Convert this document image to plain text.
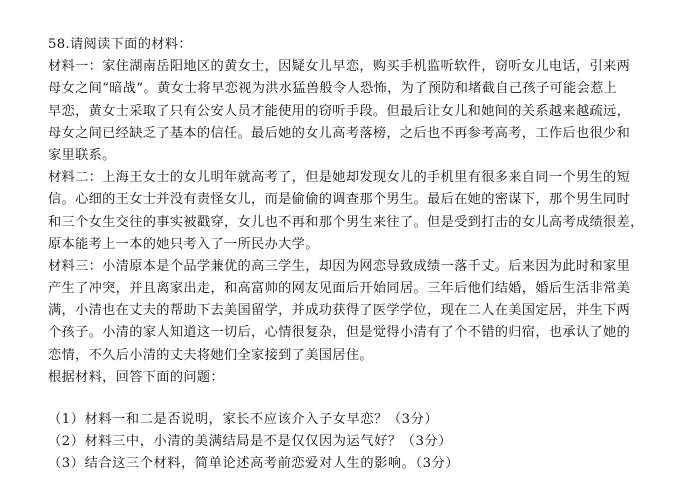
58.请阅读下面的材料：
材料一：家住湖南岳阳地区的黄女士，因疑女儿早恋，购买手机监听软件，窃听女儿电话，引来两
母女之间“暗战”。黄女士将早恋视为洪水猛兽般令人恐怖，为了预防和堵截自己孩子可能会惹上
早恋，黄女士采取了只有公安人员才能使用的窃听手段。但最后让女儿和她间的关系越来越疏远，
母女之间已经缺乏了基本的信任。最后她的女儿高考落榜，之后也不再参考高考，工作后也很少和
家里联系。
材料二：上海王女士的女儿明年就高考了，但是她却发现女儿的手机里有很多来自同一个男生的短
信。心细的王女士并没有责怪女儿，而是偷偷的调查那个男生。最后在她的密谋下，那个男生同时
和三个女生交往的事实被戳穿，女儿也不再和那个男生来往了。但是受到打击的女儿高考成绩很差，
原本能考上一本的她只考入了一所民办大学。
材料三：小清原本是个品学兼优的高三学生，却因为网恋导致成绩一落千丈。后来因为此时和家里
产生了冲突，并且离家出走，和高富帅的网友见面后开始同居。三年后他们结婚，婚后生活非常美
满，小清也在丈夫的帮助下去美国留学，并成功获得了医学学位，现在二人在美国定居，并生下两
个孩子。小清的家人知道这一切后，心情很复杂，但是觉得小清有了个不错的归宿，也承认了她的
恋情，不久后小清的丈夫将她们全家接到了美国居住。
根据材料，回答下面的问题：
（1）材料一和二是否说明，家长不应该介入子女早恋？（3分）
（2）材料三中，小清的美满结局是不是仅仅因为运气好？（3分）
（3）结合这三个材料，简单论述高考前恋爱对人生的影响。（3分）
